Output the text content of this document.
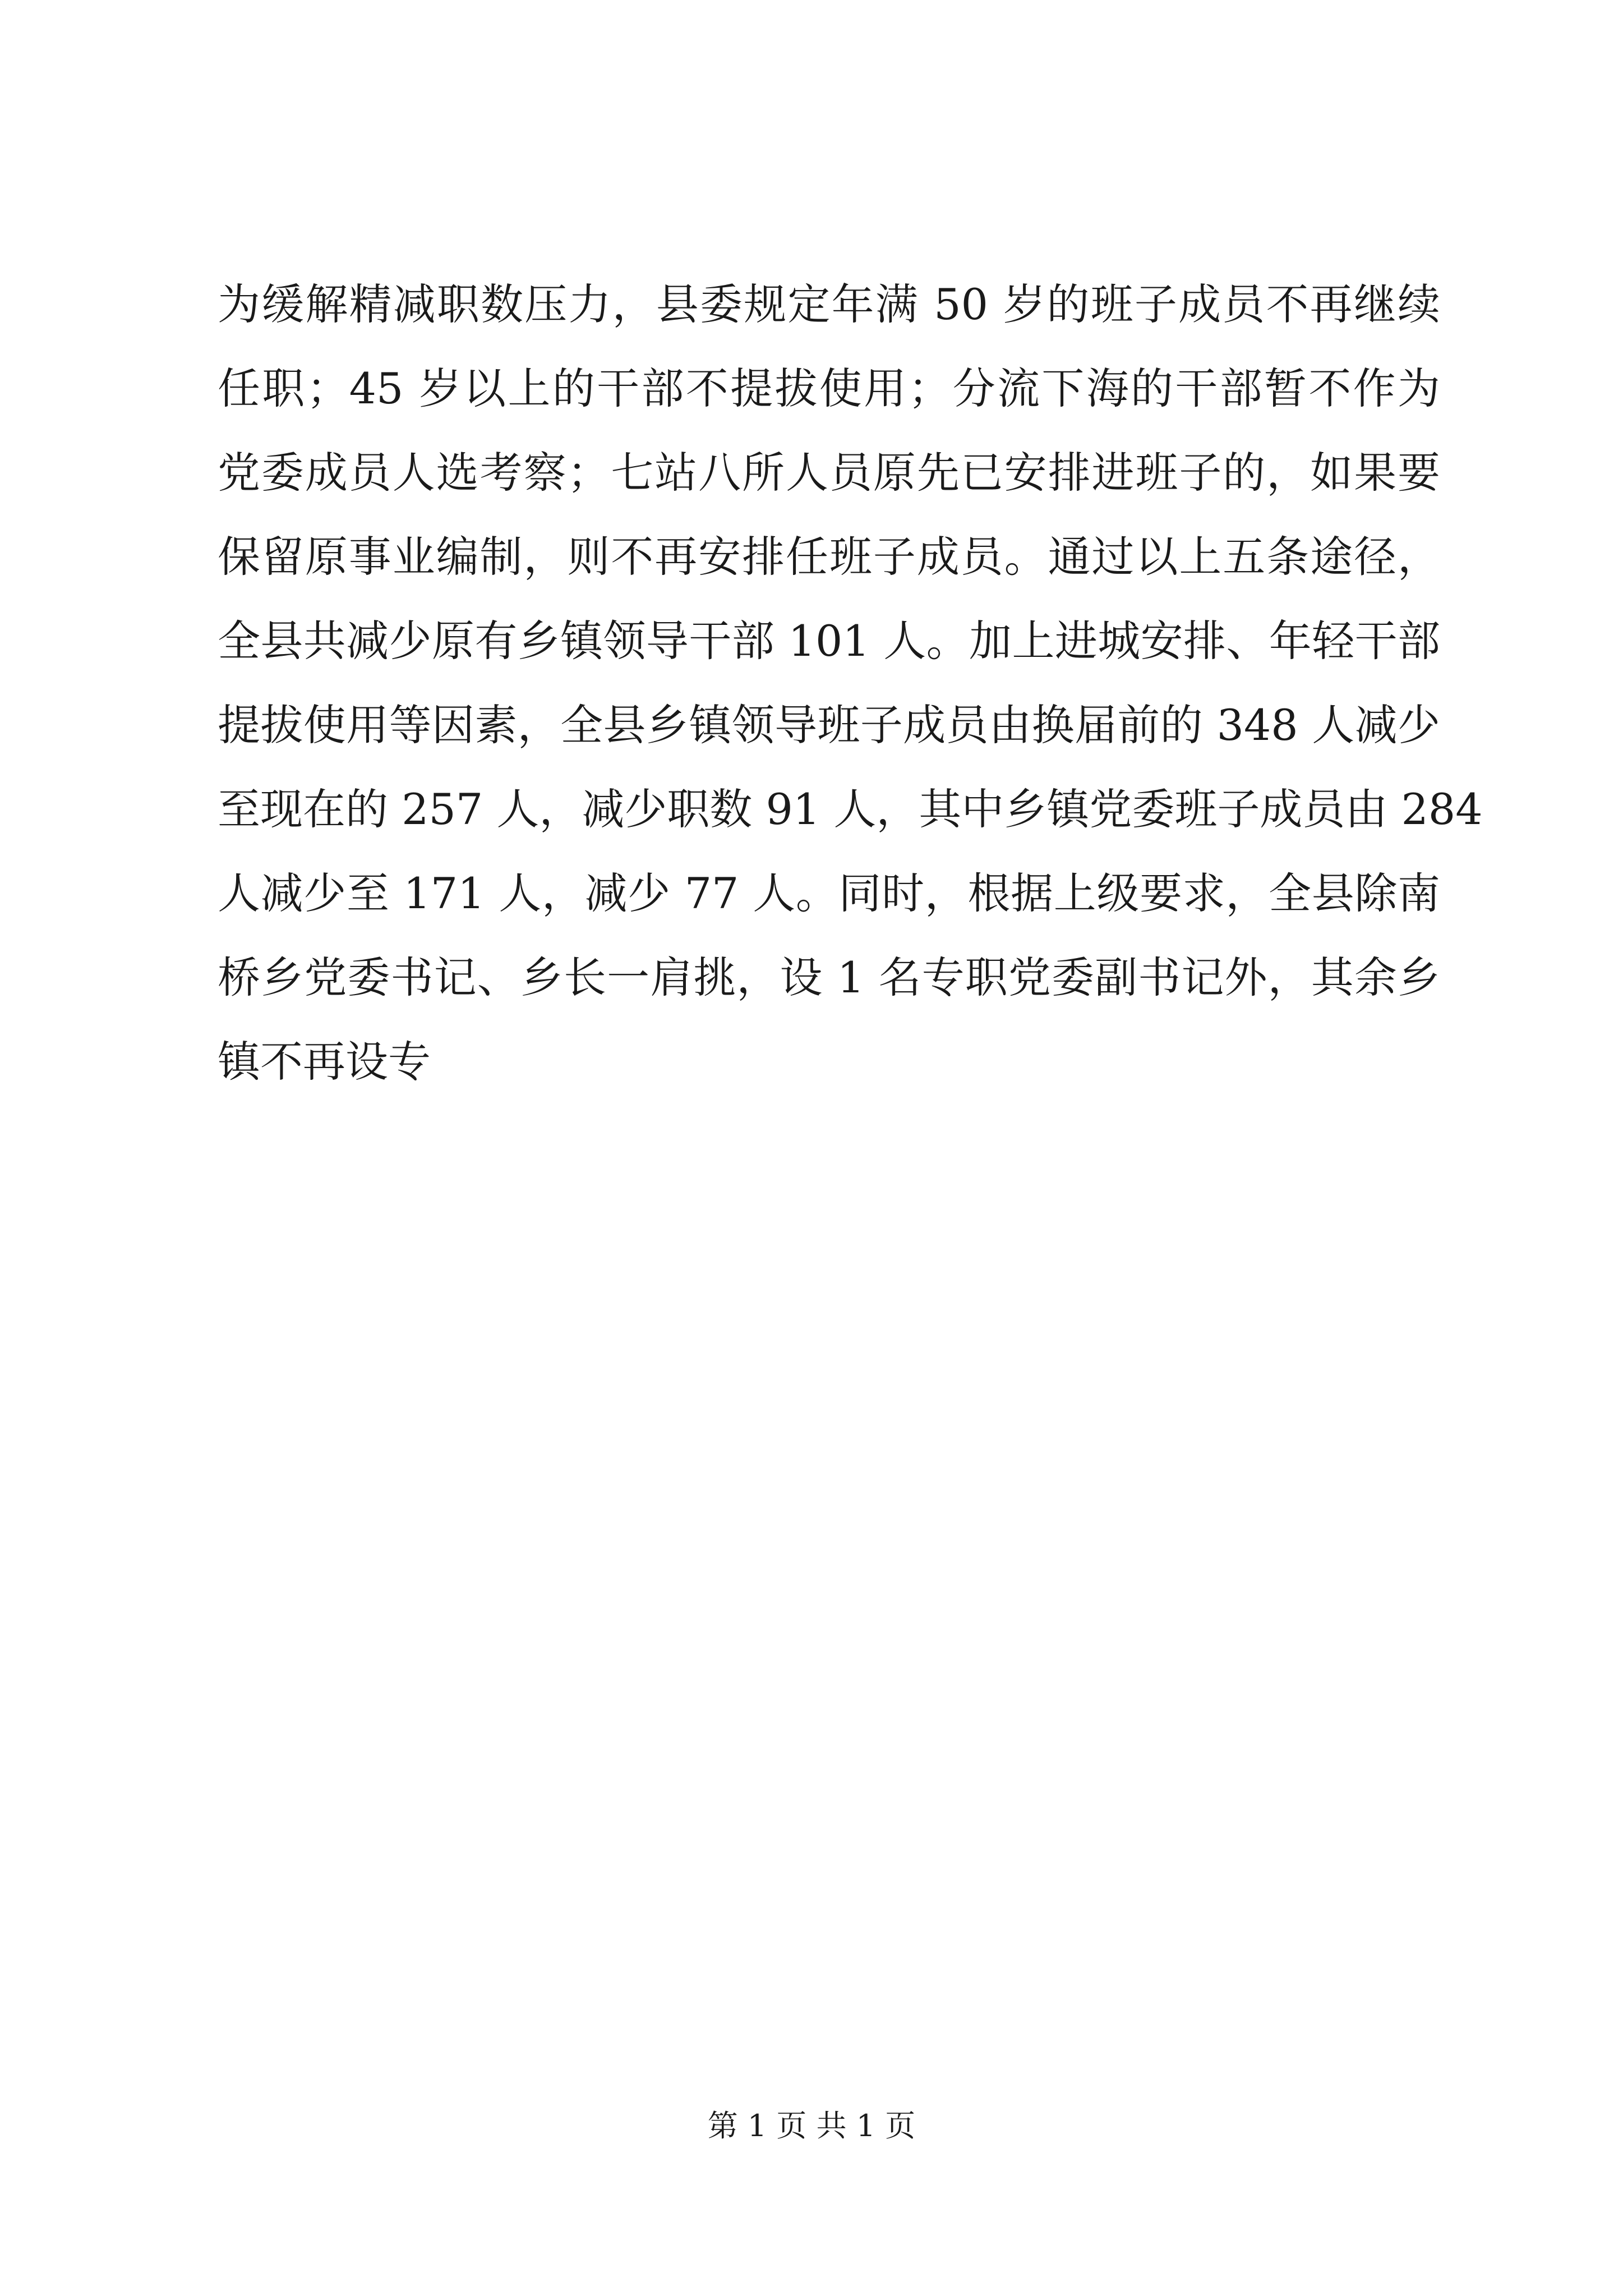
为缓解精减职数压力，县委规定年满 50 岁的班子成员不再继续
任职；45 岁以上的干部不提拔使用；分流下海的干部暂不作为
党委成员人选考察；七站八所人员原先已安排进班子的，如果要
保留原事业编制，则不再安排任班子成员。通过以上五条途径，
全县共减少原有乡镇领导干部 101 人。加上进城安排、年轻干部
提拔使用等因素，全县乡镇领导班子成员由换届前的 348 人减少
至现在的 257 人，减少职数 91 人，其中乡镇党委班子成员由 284
人减少至 171 人，减少 77 人。同时，根据上级要求，全县除南
桥乡党委书记、乡长一肩挑，设 1 名专职党委副书记外，其余乡
镇不再设专
第 1 页 共 1 页
